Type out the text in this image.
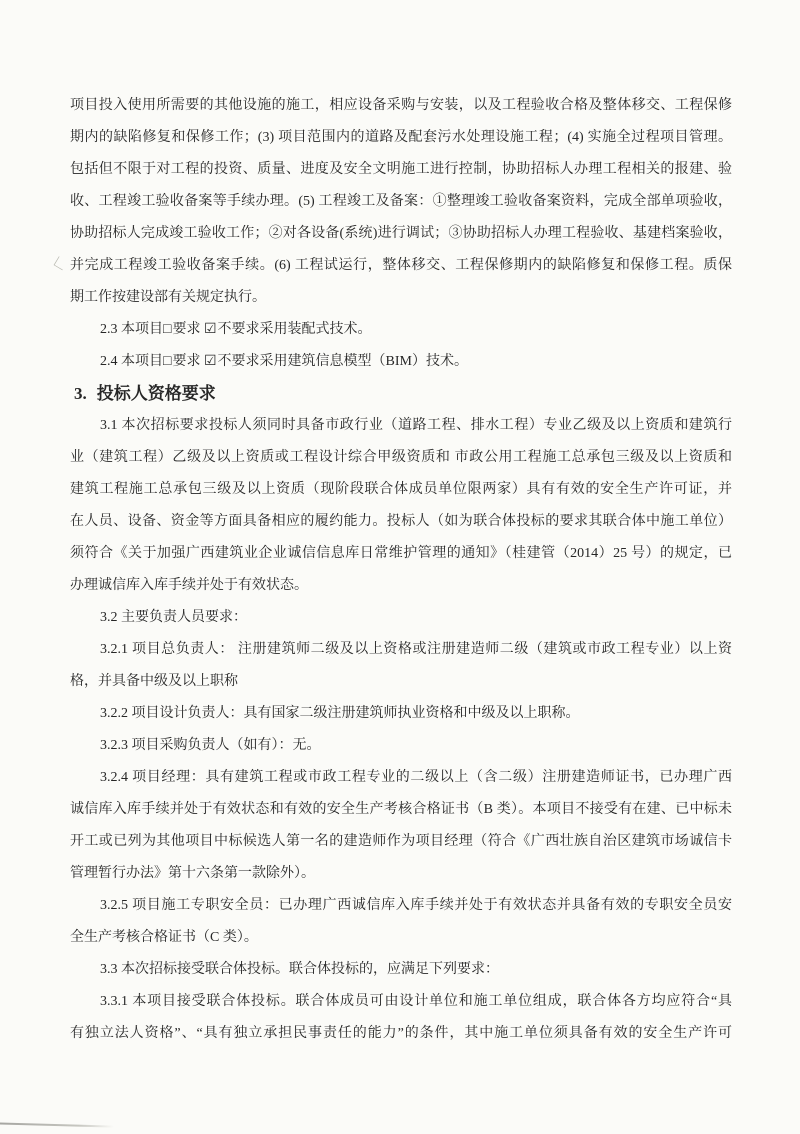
项目投入使用所需要的其他设施的施工，相应设备采购与安装，以及工程验收合格及整体移交、工程保修
期内的缺陷修复和保修工作；(3) 项目范围内的道路及配套污水处理设施工程；(4) 实施全过程项目管理。
包括但不限于对工程的投资、质量、进度及安全文明施工进行控制，协助招标人办理工程相关的报建、验
收、工程竣工验收备案等手续办理。(5) 工程竣工及备案：①整理竣工验收备案资料，完成全部单项验收，
协助招标人完成竣工验收工作；②对各设备(系统)进行调试；③协助招标人办理工程验收、基建档案验收，
并完成工程竣工验收备案手续。(6) 工程试运行，整体移交、工程保修期内的缺陷修复和保修工程。质保
期工作按建设部有关规定执行。
2.3 本项目□要求 ☑不要求采用装配式技术。
2.4 本项目□要求 ☑不要求采用建筑信息模型（BIM）技术。
3. 投标人资格要求
3.1 本次招标要求投标人须同时具备市政行业（道路工程、排水工程）专业乙级及以上资质和建筑行
业（建筑工程）乙级及以上资质或工程设计综合甲级资质和 市政公用工程施工总承包三级及以上资质和
建筑工程施工总承包三级及以上资质（现阶段联合体成员单位限两家）具有有效的安全生产许可证，并
在人员、设备、资金等方面具备相应的履约能力。投标人（如为联合体投标的要求其联合体中施工单位）
须符合《关于加强广西建筑业企业诚信信息库日常维护管理的通知》（桂建管（2014）25 号）的规定，已
办理诚信库入库手续并处于有效状态。
3.2 主要负责人员要求：
3.2.1 项目总负责人： 注册建筑师二级及以上资格或注册建造师二级（建筑或市政工程专业）以上资
格，并具备中级及以上职称
3.2.2 项目设计负责人：具有国家二级注册建筑师执业资格和中级及以上职称。
3.2.3 项目采购负责人（如有）：无。
3.2.4 项目经理：具有建筑工程或市政工程专业的二级以上（含二级）注册建造师证书，已办理广西
诚信库入库手续并处于有效状态和有效的安全生产考核合格证书（B 类）。本项目不接受有在建、已中标未
开工或已列为其他项目中标候选人第一名的建造师作为项目经理（符合《广西壮族自治区建筑市场诚信卡
管理暂行办法》第十六条第一款除外）。
3.2.5 项目施工专职安全员：已办理广西诚信库入库手续并处于有效状态并具备有效的专职安全员安
全生产考核合格证书（C 类）。
3.3 本次招标接受联合体投标。联合体投标的，应满足下列要求：
3.3.1 本项目接受联合体投标。联合体成员可由设计单位和施工单位组成，联合体各方均应符合“具
有独立法人资格”、“具有独立承担民事责任的能力”的条件，其中施工单位须具备有效的安全生产许可
〈
